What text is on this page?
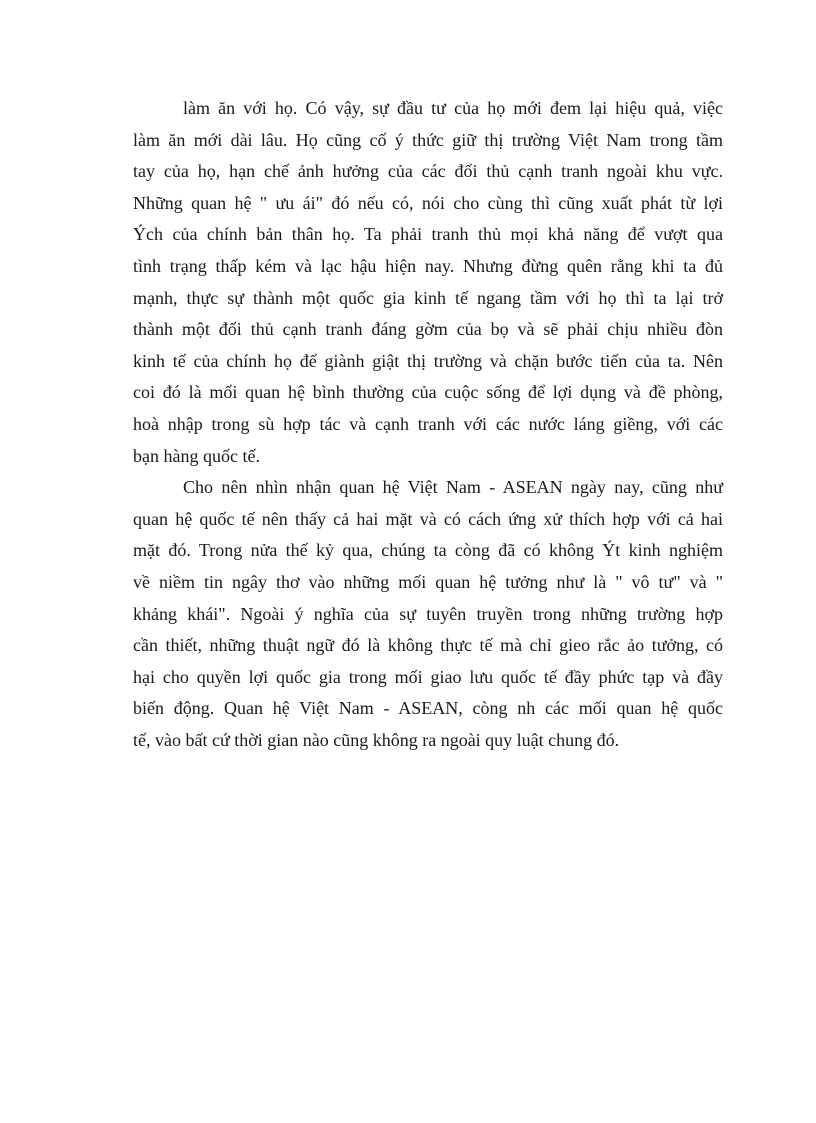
làm ăn với họ. Có vậy, sự đầu tư của họ mới đem lại hiệu quả, việc
làm ăn mới dài lâu. Họ cũng cố ý thức giữ thị trường Việt Nam trong tầm
tay của họ, hạn chế ảnh hưởng của các đối thủ cạnh tranh ngoài khu vực.
Những quan hệ " ưu ái" đó nếu có, nói cho cùng thì cũng xuất phát từ lợi
Ých của chính bản thân họ. Ta phải tranh thủ mọi khả năng để vượt qua
tình trạng thấp kém và lạc hậu hiện nay. Nhưng đừng quên rằng khi ta đủ
mạnh, thực sự thành một quốc gia kinh tế ngang tầm với họ thì ta lại trở
thành một đối thủ cạnh tranh đáng gờm của bọ và sẽ phải chịu nhiều đòn
kinh tế của chính họ để giành giật thị trường và chặn bước tiến của ta. Nên
coi đó là mối quan hệ bình thường của cuộc sống để lợi dụng và đề phòng,
hoà nhập trong sù hợp tác và cạnh tranh với các nước láng giềng, với các
bạn hàng quốc tế.
Cho nên nhìn nhận quan hệ Việt Nam - ASEAN ngày nay, cũng như
quan hệ quốc tế nên thấy cả hai mặt và có cách ứng xử thích hợp với cả hai
mặt đó. Trong nửa thế kỷ qua, chúng ta còng đã có không Ýt kinh nghiệm
về niềm tin ngây thơ vào những mối quan hệ tưởng như là " vô tư" và "
khảng khái". Ngoài ý nghĩa của sự tuyên truyền trong những trường hợp
cần thiết, những thuật ngữ đó là không thực tế mà chỉ gieo rắc ảo tưởng, có
hại cho quyền lợi quốc gia trong mối giao lưu quốc tế đầy phức tạp và đầy
biến động. Quan hệ Việt Nam - ASEAN, còng nh các mối quan hệ quốc
tế, vào bất cứ thời gian nào cũng không ra ngoài quy luật chung đó.
